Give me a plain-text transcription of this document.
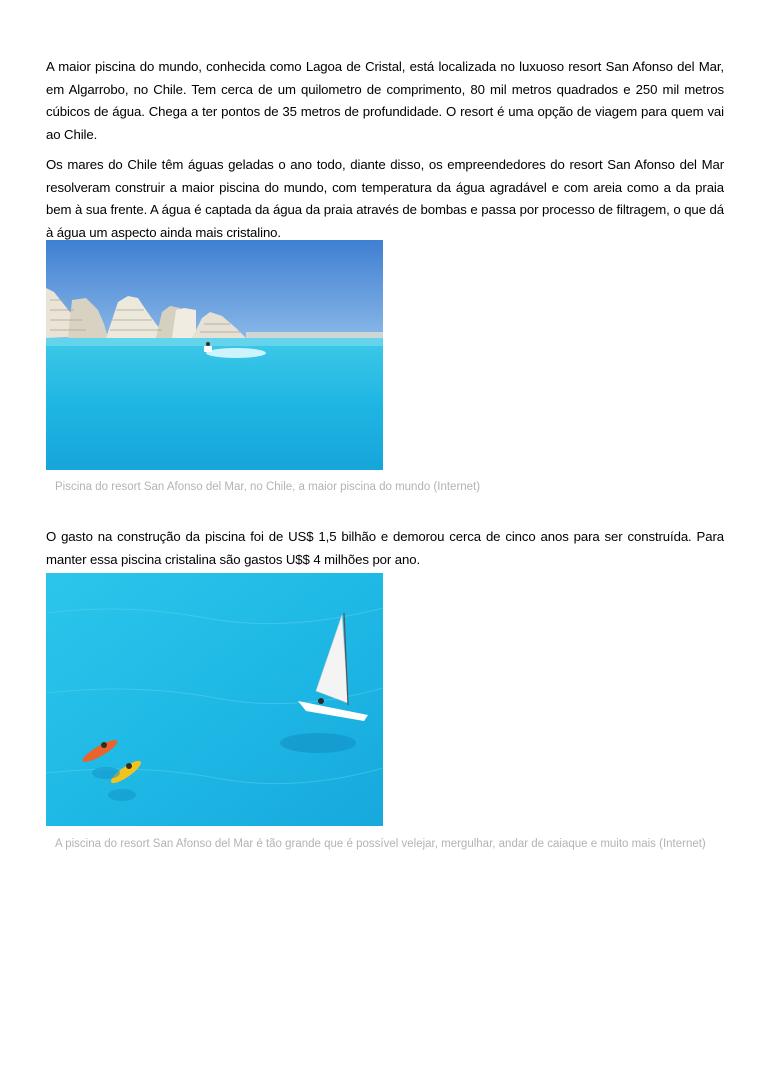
A maior piscina do mundo, conhecida como Lagoa de Cristal, está localizada no luxuoso resort San Afonso del Mar, em Algarrobo, no Chile. Tem cerca de um quilometro de comprimento, 80 mil metros quadrados e 250 mil metros cúbicos de água. Chega a ter pontos de 35 metros de profundidade. O resort é uma opção de viagem para quem vai ao Chile.

Os mares do Chile têm águas geladas o ano todo, diante disso, os empreendedores do resort San Afonso del Mar resolveram construir a maior piscina do mundo, com temperatura da água agradável e com areia como a da praia bem à sua frente. A água é captada da água da praia através de bombas e passa por processo de filtragem, o que dá à água um aspecto ainda mais cristalino.

Piscina do resort San Afonso del Mar, no Chile, a maior piscina do mundo (Internet)

O gasto na construção da piscina foi de US$ 1,5 bilhão e demorou cerca de cinco anos para ser construída. Para manter essa piscina cristalina são gastos U$$ 4 milhões por ano.

A piscina do resort San Afonso del Mar é tão grande que é possível velejar, mergulhar, andar de caiaque e muito mais (Internet)
